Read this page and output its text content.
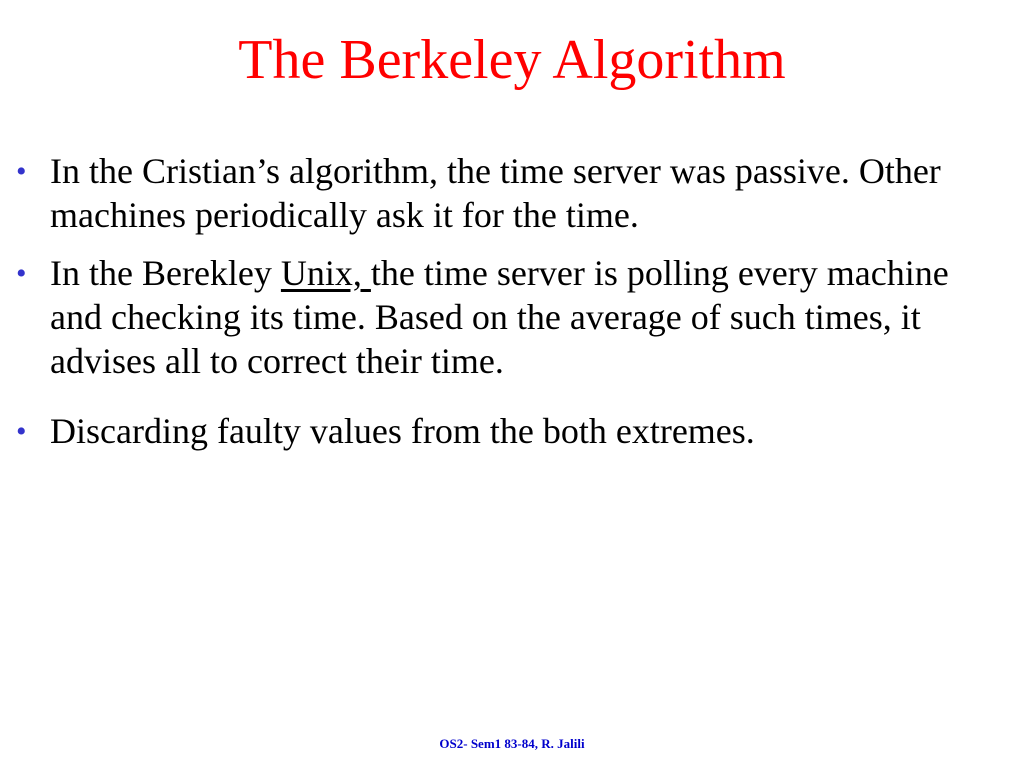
The Berkeley Algorithm
• In the Cristian’s algorithm, the time server was passive. Other machines periodically ask it for the time.
• In the Berekley Unix, the time server is polling every machine and checking its time. Based on the average of such times, it advises all to correct their time.
• Discarding faulty values from the both extremes.
OS2- Sem1 83-84, R. Jalili
